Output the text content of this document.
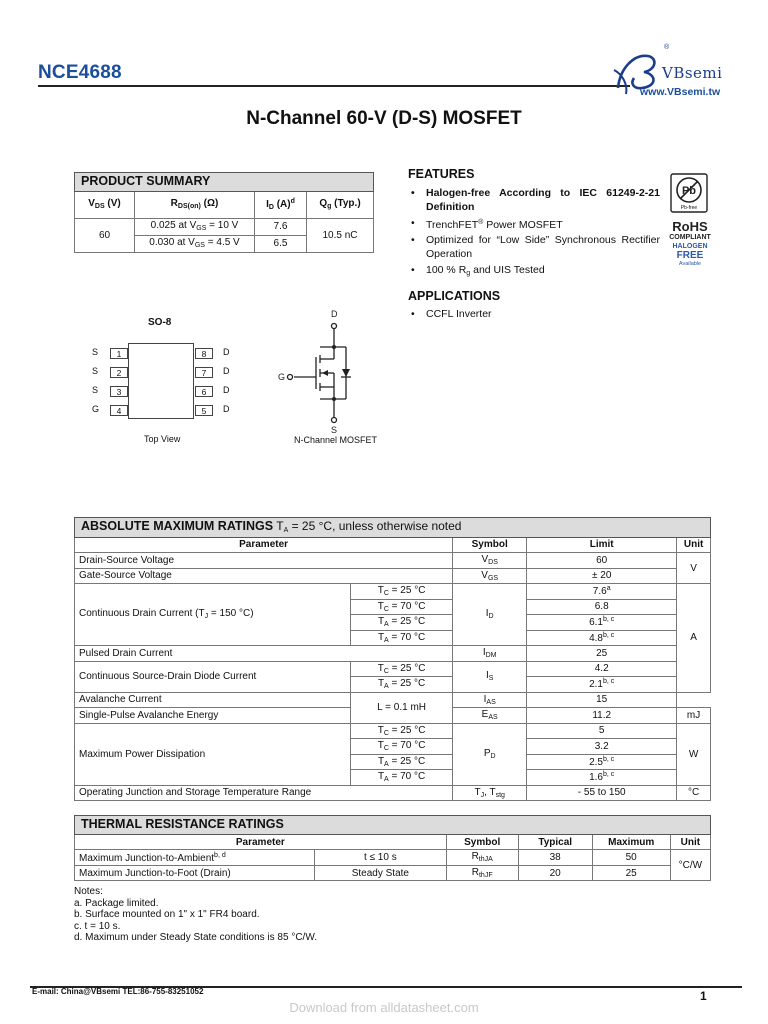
NCE4688
®
VBsemi
www.VBsemi.tw
N-Channel 60-V (D-S) MOSFET
PRODUCT SUMMARY			
$V_{DS}$ (V)	$R_{DS(on)}$ (Ω)	$I_D$ $(A)^d$	$Q_g$ (Typ.)
60	0.025 at $V_{GS} = 10$ V	7.6	10.5 nC
	0.030 at $V_{GS} = 4.5$ V	6.5	
FEATURES
• Halogen-free According to IEC 61249-2-21 Definition
• TrenchFET® Power MOSFET
• Optimized for “Low Side” Synchronous Rectifier Operation
• 100 % $R_g$ and UIS Tested
APPLICATIONS
• CCFL Inverter
Pb
Pb-free
RoHS
COMPLIANT
HALOGEN
FREE
Available
SO-8
S	1
S	2
S	3
G	4
8	D
7	D
6	D
5	D
Top View
D
G
S
N-Channel MOSFET
ABSOLUTE MAXIMUM RATINGS $T_A = 25$ °C, unless otherwise noted				
Parameter		Symbol	Limit	Unit
Drain-Source Voltage		$V_{DS}$	60	V
Gate-Source Voltage		$V_{GS}$	± 20	
Continuous Drain Current ($T_J = 150$ °C)	$T_C = 25$ °C	$I_D$	7.6$^a$	A
	$T_C = 70$ °C		6.8	
	$T_A = 25$ °C		6.1$^{b, c}$
	$T_A = 70$ °C		4.8$^{b, c}$
Pulsed Drain Current		$I_{DM}$	25	
Continuous Source-Drain Diode Current	$T_C = 25$ °C	$I_S$	4.2	
	$T_A = 25$ °C		2.1$^{b, c}$
Avalanche Current	L = 0.1 mH	$I_{AS}$	15	
Single-Pulse Avalanche Energy		$E_{AS}$	11.2	mJ
Maximum Power Dissipation	$T_C = 25$ °C	$P_D$	5	W
	$T_C = 70$ °C		3.2	
	$T_A = 25$ °C		2.5$^{b, c}$
	$T_A = 70$ °C		1.6$^{b, c}$
Operating Junction and Storage Temperature Range		$T_J$, $T_{stg}$	- 55 to 150	°C
THERMAL RESISTANCE RATINGS					
Parameter		Symbol	Typical	Maximum	Unit
Maximum Junction-to-Ambient$^{b, d}$	t ≤ 10 s	$R_{thJA}$	38	50	°C/W
Maximum Junction-to-Foot (Drain)	Steady State	$R_{thJF}$	20	25	
Notes:
a. Package limited.
b. Surface mounted on 1" x 1" FR4 board.
c. t = 10 s.
d. Maximum under Steady State conditions is 85 °C/W.
E-mail: China@VBsemi TEL:86-755-83251052	1
Download from alldatasheet.com
